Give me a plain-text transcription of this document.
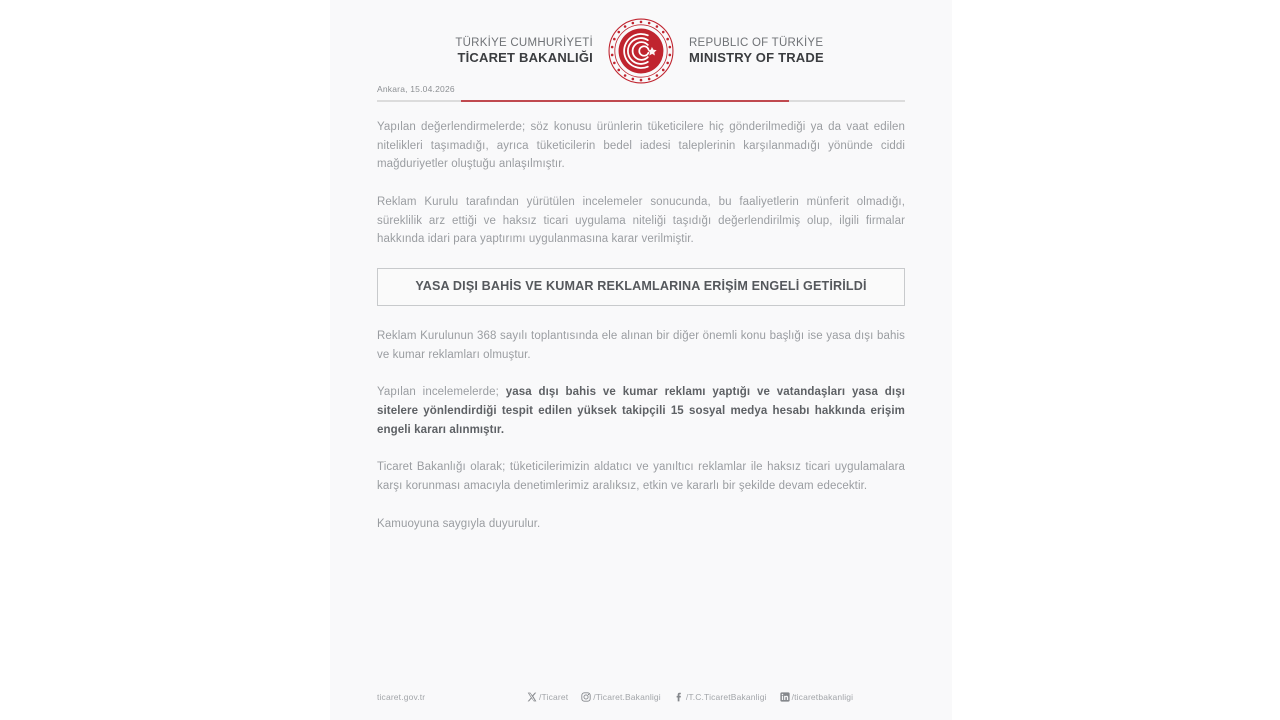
TÜRKİYE CUMHURİYETİ
TİCARET BAKANLIĞI
REPUBLIC OF TÜRKİYE
MINISTRY OF TRADE
Ankara, 15.04.2026

Yapılan değerlendirmelerde; söz konusu ürünlerin tüketicilere hiç gönderilmediği ya da vaat edilen nitelikleri taşımadığı, ayrıca tüketicilerin bedel iadesi taleplerinin karşılanmadığı yönünde ciddi mağduriyetler oluştuğu anlaşılmıştır.

Reklam Kurulu tarafından yürütülen incelemeler sonucunda, bu faaliyetlerin münferit olmadığı, süreklilik arz ettiği ve haksız ticari uygulama niteliği taşıdığı değerlendirilmiş olup, ilgili firmalar hakkında idari para yaptırımı uygulanmasına karar verilmiştir.

YASA DIŞI BAHİS VE KUMAR REKLAMLARINA ERİŞİM ENGELİ GETİRİLDİ

Reklam Kurulunun 368 sayılı toplantısında ele alınan bir diğer önemli konu başlığı ise yasa dışı bahis ve kumar reklamları olmuştur.

Yapılan incelemelerde; yasa dışı bahis ve kumar reklamı yaptığı ve vatandaşları yasa dışı sitelere yönlendirdiği tespit edilen yüksek takipçili 15 sosyal medya hesabı hakkında erişim engeli kararı alınmıştır.

Ticaret Bakanlığı olarak; tüketicilerimizin aldatıcı ve yanıltıcı reklamlar ile haksız ticari uygulamalara karşı korunması amacıyla denetimlerimiz aralıksız, etkin ve kararlı bir şekilde devam edecektir.

Kamuoyuna saygıyla duyurulur.

ticaret.gov.tr	/Ticaret	/Ticaret.Bakanligi	/T.C.TicaretBakanligi	/ticaretbakanligi
